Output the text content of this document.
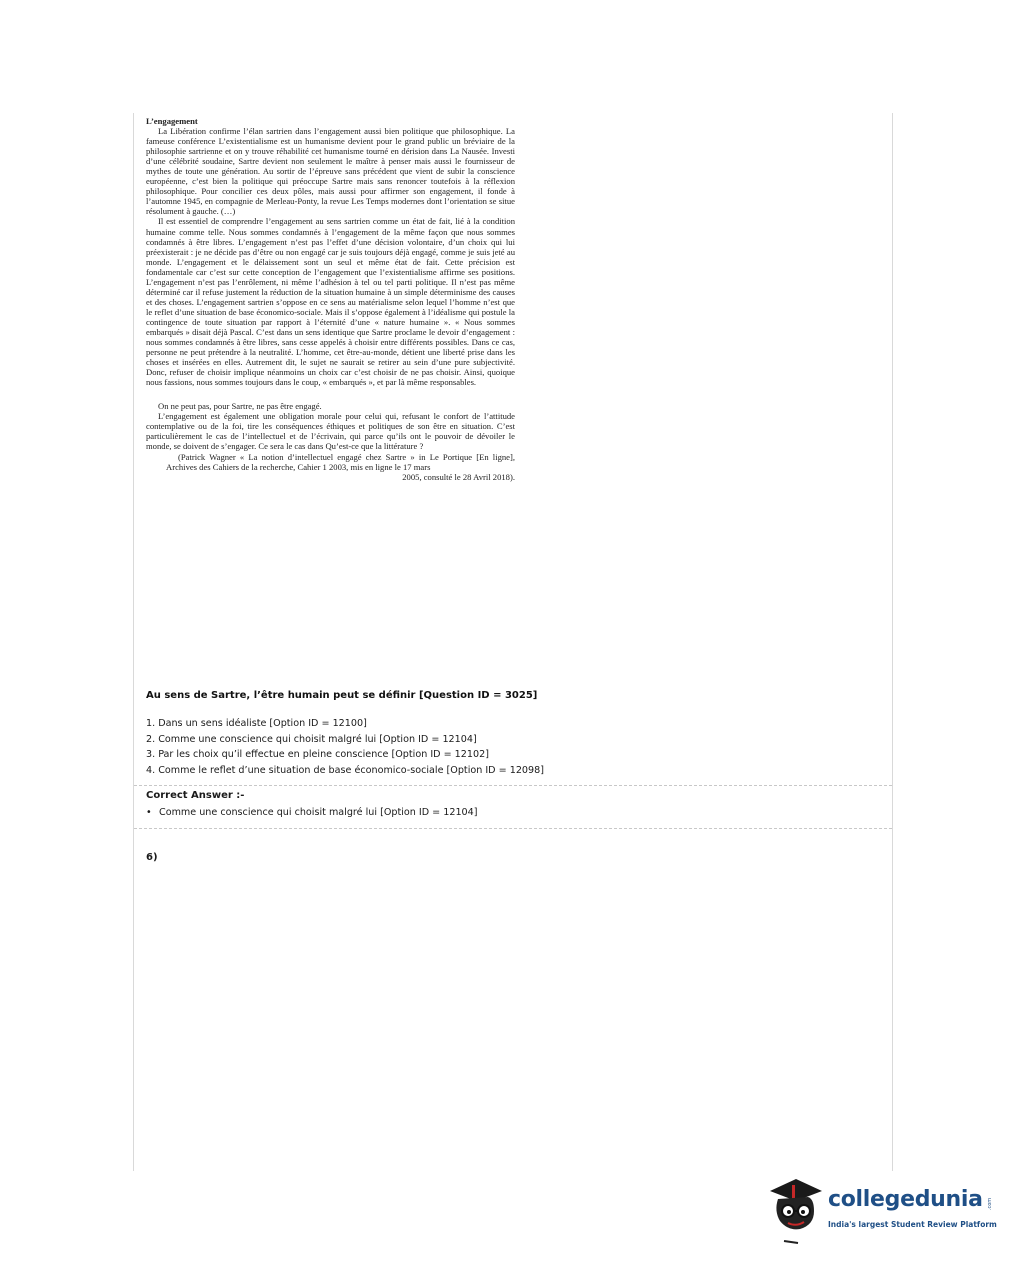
L’engagement

La Libération confirme l’élan sartrien dans l’engagement aussi bien politique que philosophique. La fameuse conférence L’existentialisme est un humanisme devient pour le grand public un bréviaire de la philosophie sartrienne et on y trouve réhabilité cet humanisme tourné en dérision dans La Nausée. Investi d’une célébrité soudaine, Sartre devient non seulement le maître à penser mais aussi le fournisseur de mythes de toute une génération. Au sortir de l’épreuve sans précédent que vient de subir la conscience européenne, c’est bien la politique qui préoccupe Sartre mais sans renoncer toutefois à la réflexion philosophique. Pour concilier ces deux pôles, mais aussi pour affirmer son engagement, il fonde à l’automne 1945, en compagnie de Merleau-Ponty, la revue Les Temps modernes dont l’orientation se situe résolument à gauche. (…)

Il est essentiel de comprendre l’engagement au sens sartrien comme un état de fait, lié à la condition humaine comme telle. Nous sommes condamnés à l’engagement de la même façon que nous sommes condamnés à être libres. L’engagement n’est pas l’effet d’une décision volontaire, d’un choix qui lui préexisterait : je ne décide pas d’être ou non engagé car je suis toujours déjà engagé, comme je suis jeté au monde. L’engagement et le délaissement sont un seul et même état de fait. Cette précision est fondamentale car c’est sur cette conception de l’engagement que l’existentialisme affirme ses positions. L’engagement n’est pas l’enrôlement, ni même l’adhésion à tel ou tel parti politique. Il n’est pas même déterminé car il refuse justement la réduction de la situation humaine à un simple déterminisme des causes et des choses. L’engagement sartrien s’oppose en ce sens au matérialisme selon lequel l’homme n’est que le reflet d’une situation de base économico-sociale. Mais il s’oppose également à l’idéalisme qui postule la contingence de toute situation par rapport à l’éternité d’une « nature humaine ». « Nous sommes embarqués » disait déjà Pascal. C’est dans un sens identique que Sartre proclame le devoir d’engagement : nous sommes condamnés à être libres, sans cesse appelés à choisir entre différents possibles. Dans ce cas, personne ne peut prétendre à la neutralité. L’homme, cet être-au-monde, détient une liberté prise dans les choses et insérées en elles. Autrement dit, le sujet ne saurait se retirer au sein d’une pure subjectivité. Donc, refuser de choisir implique néanmoins un choix car c’est choisir de ne pas choisir. Ainsi, quoique nous fassions, nous sommes toujours dans le coup, « embarqués », et par là même responsables.

On ne peut pas, pour Sartre, ne pas être engagé.

L’engagement est également une obligation morale pour celui qui, refusant le confort de l’attitude contemplative ou de la foi, tire les conséquences éthiques et politiques de son être en situation. C’est particulièrement le cas de l’intellectuel et de l’écrivain, qui parce qu’ils ont le pouvoir de dévoiler le monde, se doivent de s’engager. Ce sera le cas dans Qu’est-ce que la littérature ?

(Patrick Wagner « La notion d’intellectuel engagé chez Sartre » in Le Portique [En ligne], Archives des Cahiers de la recherche, Cahier 1 2003, mis en ligne le 17 mars

2005, consulté le 28 Avril 2018).

Au sens de Sartre, l’être humain peut se définir [Question ID = 3025]
1. Dans un sens idéaliste [Option ID = 12100]
2. Comme une conscience qui choisit malgré lui [Option ID = 12104]
3. Par les choix qu’il effectue en pleine conscience [Option ID = 12102]
4. Comme le reflet d’une situation de base économico-sociale [Option ID = 12098]
Correct Answer :-
• Comme une conscience qui choisit malgré lui [Option ID = 12104]
6)
collegedunia .com
India's largest Student Review Platform
